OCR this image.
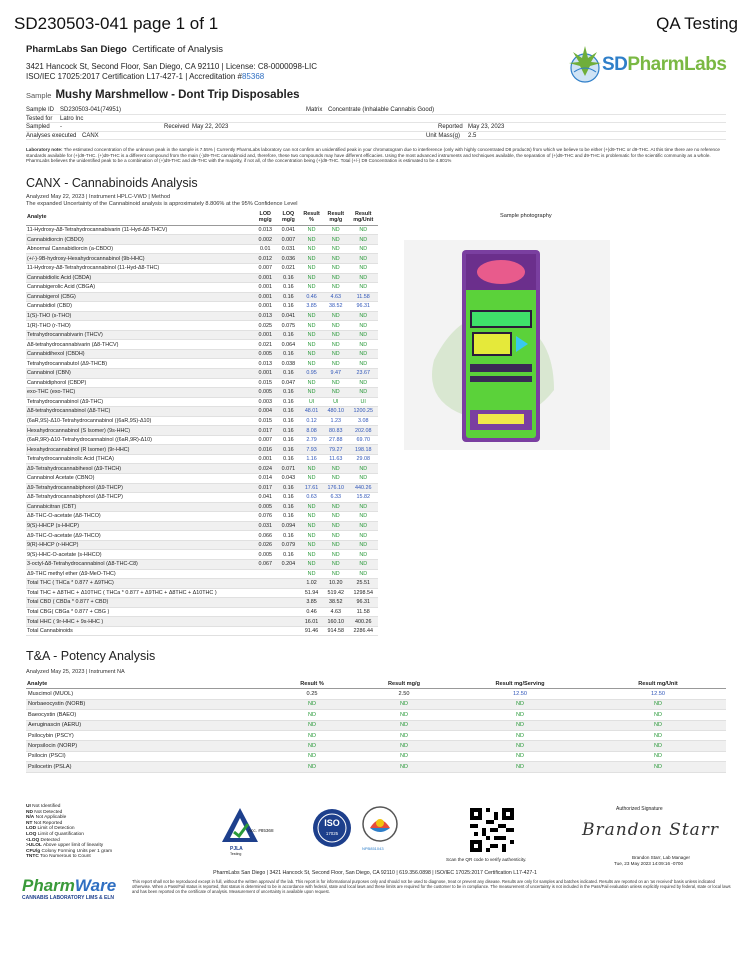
SD230503-041 page 1 of 1	QA Testing
PharmLabs San Diego Certificate of Analysis
3421 Hancock St, Second Floor, San Diego, CA 92110 | License: C8-0000098-LIC
ISO/IEC 17025:2017 Certification L17-427-1 | Accreditation #85368
SDPharmLabs
Sample Mushy Marshmellow - Dont Trip Disposables
Sample ID SD230503-041(74951)	Matrix Concentrate (Inhalable Cannabis Good)
Tested for Latro Inc
Sampled -	Received May 22, 2023	Reported May 23, 2023
Analyses executed CANX	Unit Mass(g) 2.5
Laboratory note: The estimated concentration of the unknown peak in the sample is 7.55% | Currently PharmLabs laboratory can not confirm an unidentified peak in your chromatogram due to interference (only with highly concentrated D8 products) from which we believe to be either (+)d9-THC or d9-THC. At this time there are no reference standards available for (+)d9-THC. (+)d9-THC is a different compound from the main (-)d9-THC cannabinoid and, therefore, these two compounds may have different efficacies. Using the most advanced instruments and techniques available, the separation of (+)d9-THC and d9-THC is problematic for the scientific community as a whole. PharmLabs believes the unidentified peak to be a combination of (+)d9-THC and d9-THC with the majority, if not all, of the concentration being (+)d9-THC. Total (+/-) D9 Concentration is estimated to be 4.801%
CANX - Cannabinoids Analysis
Analyzed May 22, 2023 | Instrument HPLC-VWD | Method
The expanded Uncertainty of the Cannabinoid analysis is approximately 8.806% at the 95% Confidence Level
Analyte	LOD mg/g	LOQ mg/g	Result %	Result mg/g	Result mg/Unit
11-Hydroxy-Δ8-Tetrahydrocannabivarin (11-Hyd-Δ8-THCV)	0.013	0.041	ND	ND	ND
Cannabidiorcin (CBDO)	0.002	0.007	ND	ND	ND
Abnormal Cannabidiorcin (a-CBDO)	0.01	0.031	ND	ND	ND
(+/-)-9B-hydroxy-Hexahydrocannabinol (9b-HHC)	0.012	0.036	ND	ND	ND
11-Hydroxy-Δ8-Tetrahydrocannabinol (11-Hyd-Δ8-THC)	0.007	0.021	ND	ND	ND
Cannabidiolic Acid (CBDA)	0.001	0.16	ND	ND	ND
Cannabigerolic Acid (CBGA)	0.001	0.16	ND	ND	ND
Cannabigerol (CBG)	0.001	0.16	0.46	4.63	11.58
Cannabidiol (CBD)	0.001	0.16	3.85	38.52	96.31
1(S)-THO (s-THO)	0.013	0.041	ND	ND	ND
1(R)-THO (r-THO)	0.025	0.075	ND	ND	ND
Tetrahydrocannabivarin (THCV)	0.001	0.16	ND	ND	ND
Δ8-tetrahydrocannabivarin (Δ8-THCV)	0.021	0.064	ND	ND	ND
Cannabidihexol (CBDH)	0.005	0.16	ND	ND	ND
Tetrahydrocannabutol (Δ9-THCB)	0.013	0.038	ND	ND	ND
Cannabinol (CBN)	0.001	0.16	0.95	9.47	23.67
Cannabidiphorol (CBDP)	0.015	0.047	ND	ND	ND
exo-THC (exo-THC)	0.005	0.16	ND	ND	ND
Tetrahydrocannabinol (Δ9-THC)	0.003	0.16	UI	UI	UI
Δ8-tetrahydrocannabinol (Δ8-THC)	0.004	0.16	48.01	480.10	1200.25
(6aR,9S)-Δ10-Tetrahydrocannabinol ((6aR,9S)-Δ10)	0.015	0.16	0.12	1.23	3.08
Hexahydrocannabinol (S Isomer) (9s-HHC)	0.017	0.16	8.08	80.83	202.08
(6aR,9R)-Δ10-Tetrahydrocannabinol ((6aR,9R)-Δ10)	0.007	0.16	2.79	27.88	69.70
Hexahydrocannabinol (R Isomer) (9r-HHC)	0.016	0.16	7.93	79.27	198.18
Tetrahydrocannabinolic Acid (THCA)	0.001	0.16	1.16	11.63	29.08
Δ9-Tetrahydrocannabihexol (Δ9-THCH)	0.024	0.071	ND	ND	ND
Cannabinol Acetate (CBNO)	0.014	0.043	ND	ND	ND
Δ9-Tetrahydrocannabiphorol (Δ9-THCP)	0.017	0.16	17.61	176.10	440.26
Δ8-Tetrahydrocannabiphorol (Δ8-THCP)	0.041	0.16	0.63	6.33	15.82
Cannabicitran (CBT)	0.005	0.16	ND	ND	ND
Δ8-THC-O-acetate (Δ8-THCO)	0.076	0.16	ND	ND	ND
9(S)-HHCP (s-HHCP)	0.031	0.094	ND	ND	ND
Δ9-THC-O-acetate (Δ9-THCO)	0.066	0.16	ND	ND	ND
9(R)-HHCP (r-HHCP)	0.026	0.079	ND	ND	ND
9(S)-HHC-O-acetate (s-HHCO)	0.005	0.16	ND	ND	ND
3-octyl-Δ8-Tetrahydrocannabinol (Δ8-THC-C8)	0.067	0.204	ND	ND	ND
Δ9-THC methyl ether (Δ9-MeO-THC)			ND	ND	ND
Total THC ( THCa * 0.877 + Δ9THC)			1.02	10.20	25.51
Total THC + Δ8THC + Δ10THC ( THCa * 0.877 + Δ9THC + Δ8THC + Δ10THC )			51.94	519.42	1298.54
Total CBD ( CBDa * 0.877 + CBD)			3.85	38.52	96.31
Total CBG( CBGa * 0.877 + CBG )			0.46	4.63	11.58
Total HHC ( 9r-HHC + 9s-HHC )			16.01	160.10	400.26
Total Cannabinoids			91.46	914.58	2286.44
Sample photography
T&A - Potency Analysis
Analyzed May 25, 2023 | Instrument NA
Analyte	Result %	Result mg/g	Result mg/Serving	Result mg/Unit
Muscimol (MUOL)	0.25	2.50	12.50	12.50
Norbaeocystin (NORB)	ND	ND	ND	ND
Baeocystin (BAEO)	ND	ND	ND	ND
Aeruginascin (AERU)	ND	ND	ND	ND
Psilocybin (PSCY)	ND	ND	ND	ND
Norpsilocin (NORP)	ND	ND	ND	ND
Psilocin (PSCI)	ND	ND	ND	ND
Psilocetin (PSLA)	ND	ND	ND	ND
UI Not Identified
ND Not Detected
N/A Not Applicable
NT Not Reported
LOD Limit of Detection
LOQ Limit of Quantification
<LOQ Detected
>ULOL Above upper limit of linearity
CFU/g Colony Forming Units per 1 gram
TNTC Too Numerous to Count
Acc. #85368
PJLA
Testing
ISO
17025
NPB851043
Scan the QR code to verify authenticity.
Authorized Signature
Brandon Starr
Brandon Starr, Lab Manager
Tue, 23 May 2023 14:09:16 -0700
PharmLabs San Diego | 3421 Hancock St, Second Floor, San Diego, CA 92110 | 619.356.0898 | ISO/IEC 17025:2017 Certification L17-427-1
This report shall not be reproduced except in full, without the written approval of the lab. This report is for informational purposes only and should not be used to diagnose, treat or prevent any disease. Results are only for samples and batches indicated. Results are reported on an 'as received' basis unless indicated otherwise. When a Pass/Fail status is reported, that status is determined to be in accordance with federal, state and local laws and these limits are required for the customer to be in compliance. The measurement of uncertainty is not included in the Pass/Fail evaluation unless explicitly required by federal, state or local laws and has been reported on the certificate of analysis. Measurement of uncertainty is available upon request.
PharmWare
CANNABIS LABORATORY LIMS & ELN
